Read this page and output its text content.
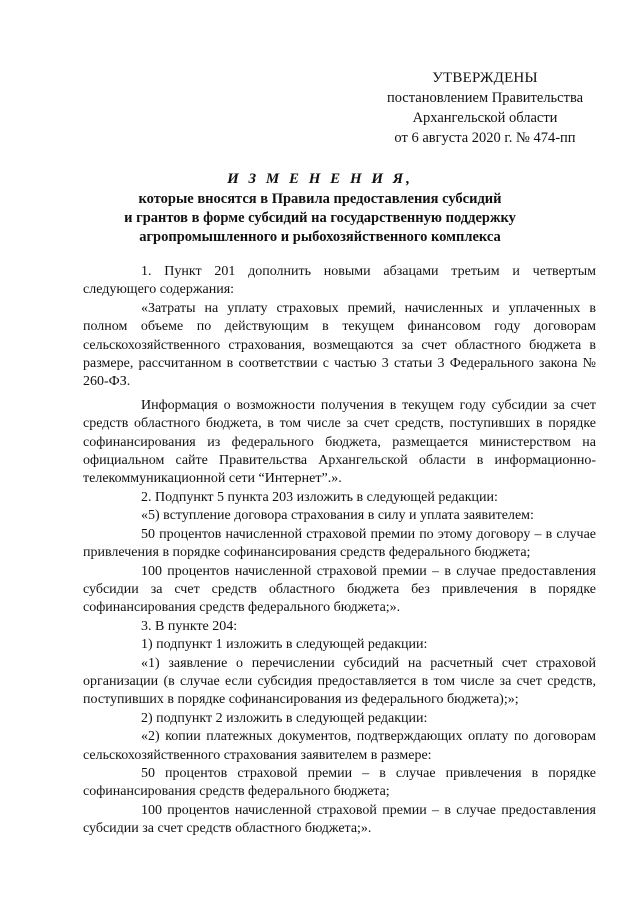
УТВЕРЖДЕНЫ
постановлением Правительства
Архангельской области
от 6 августа 2020 г. № 474-пп
И З М Е Н Е Н И Я,
которые вносятся в Правила предоставления субсидий
и грантов в форме субсидий на государственную поддержку
агропромышленного и рыбохозяйственного комплекса

1. Пункт 201 дополнить новыми абзацами третьим и четвертым следующего содержания:

«Затраты на уплату страховых премий, начисленных и уплаченных в полном объеме по действующим в текущем финансовом году договорам сельскохозяйственного страхования, возмещаются за счет областного бюджета в размере, рассчитанном в соответствии с частью 3 статьи 3 Федерального закона № 260-ФЗ.

Информация о возможности получения в текущем году субсидии за счет средств областного бюджета, в том числе за счет средств, поступивших в порядке софинансирования из федерального бюджета, размещается министерством на официальном сайте Правительства Архангельской области в информационно-телекоммуникационной сети “Интернет”.».

2. Подпункт 5 пункта 203 изложить в следующей редакции:

«5) вступление договора страхования в силу и уплата заявителем:

50 процентов начисленной страховой премии по этому договору – в случае привлечения в порядке софинансирования средств федерального бюджета;

100 процентов начисленной страховой премии – в случае предоставления субсидии за счет средств областного бюджета без привлечения в порядке софинансирования средств федерального бюджета;».

3. В пункте 204:

1) подпункт 1 изложить в следующей редакции:

«1) заявление о перечислении субсидий на расчетный счет страховой организации (в случае если субсидия предоставляется в том числе за счет средств, поступивших в порядке софинансирования из федерального бюджета);»;

2) подпункт 2 изложить в следующей редакции:

«2) копии платежных документов, подтверждающих оплату по договорам сельскохозяйственного страхования заявителем в размере:

50 процентов страховой премии – в случае привлечения в порядке софинансирования средств федерального бюджета;

100 процентов начисленной страховой премии – в случае предоставления субсидии за счет средств областного бюджета;».
